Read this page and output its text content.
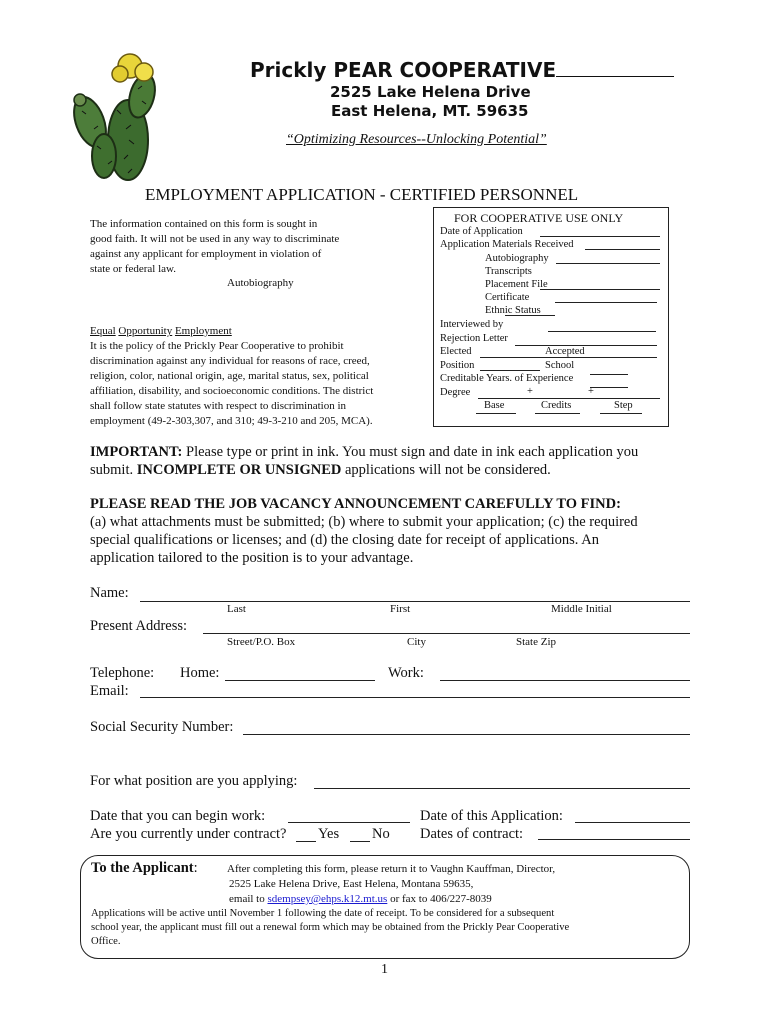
Prickly PEAR COOPERATIVE
2525 Lake Helena Drive
East Helena, MT. 59635
“Optimizing Resources--Unlocking Potential”
EMPLOYMENT APPLICATION - CERTIFIED PERSONNEL
The information contained on this form is sought in
good faith. It will not be used in any way to discriminate
against any applicant for employment in violation of
state or federal law.
Autobiography
Equal Opportunity Employment
It is the policy of the Prickly Pear Cooperative to prohibit
discrimination against any individual for reasons of race, creed,
religion, color, national origin, age, marital status, sex, political
affiliation, disability, and socioeconomic conditions. The district
shall follow state statutes with respect to discrimination in
employment (49-2-303,307, and 310; 49-3-210 and 205, MCA).
FOR COOPERATIVE USE ONLY
Date of Application
Application Materials Received
Autobiography
Transcripts
Placement File
Certificate
Ethnic Status
Interviewed by
Rejection Letter
Elected	Accepted
Position	School
Creditable Years. of Experience
Degree	+	+
Base	Credits	Step
IMPORTANT: Please type or print in ink. You must sign and date in ink each application you
submit. INCOMPLETE OR UNSIGNED applications will not be considered.
PLEASE READ THE JOB VACANCY ANNOUNCEMENT CAREFULLY TO FIND:
(a) what attachments must be submitted; (b) where to submit your application; (c) the required
special qualifications or licenses; and (d) the closing date for receipt of applications. An
application tailored to the position is to your advantage.
Name:
Last	First	Middle Initial
Present Address:
Street/P.O. Box	City	State Zip
Telephone: Home:	Work:
Email:
Social Security Number:
For what position are you applying:
Date that you can begin work:	Date of this Application:
Are you currently under contract? Yes No Dates of contract:
To the Applicant:	After completing this form, please return it to Vaughn Kauffman, Director,
2525 Lake Helena Drive, East Helena, Montana 59635,
email to sdempsey@ehps.k12.mt.us or fax to 406/227-8039
Applications will be active until November 1 following the date of receipt. To be considered for a subsequent
school year, the applicant must fill out a renewal form which may be obtained from the Prickly Pear Cooperative
Office.
1
